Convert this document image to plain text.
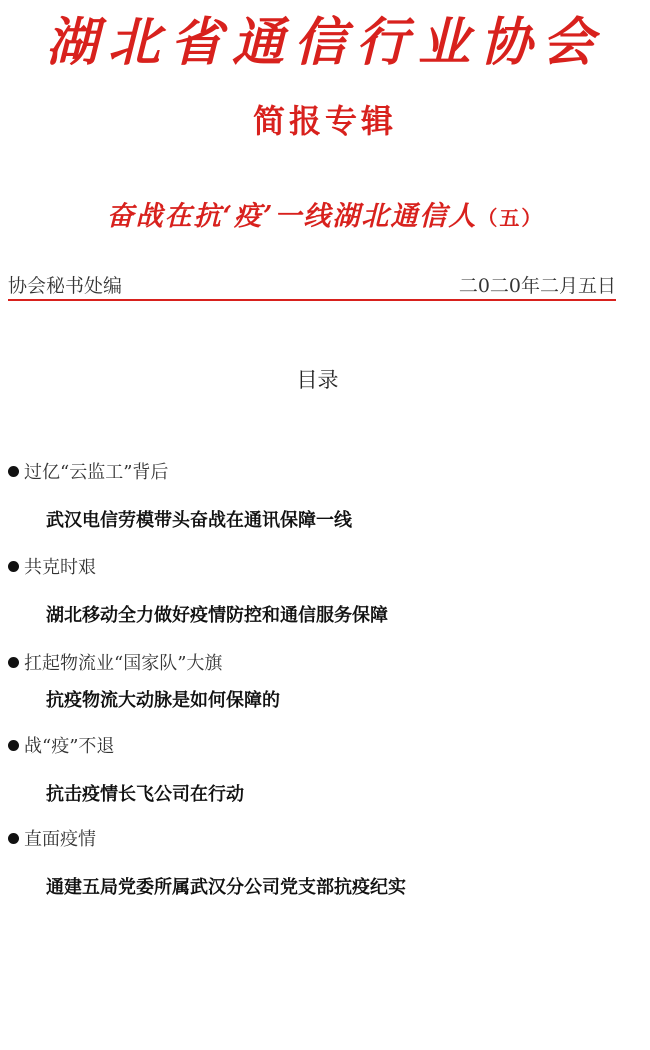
湖北省通信行业协会
简报专辑
奋战在抗‘疫’一线湖北通信人（五）
协会秘书处编	二0二0年二月五日
目录
过亿“云监工”背后
武汉电信劳模带头奋战在通讯保障一线
共克时艰
湖北移动全力做好疫情防控和通信服务保障
扛起物流业“国家队”大旗
抗疫物流大动脉是如何保障的
战“疫”不退
抗击疫情长飞公司在行动
直面疫情
通建五局党委所属武汉分公司党支部抗疫纪实
